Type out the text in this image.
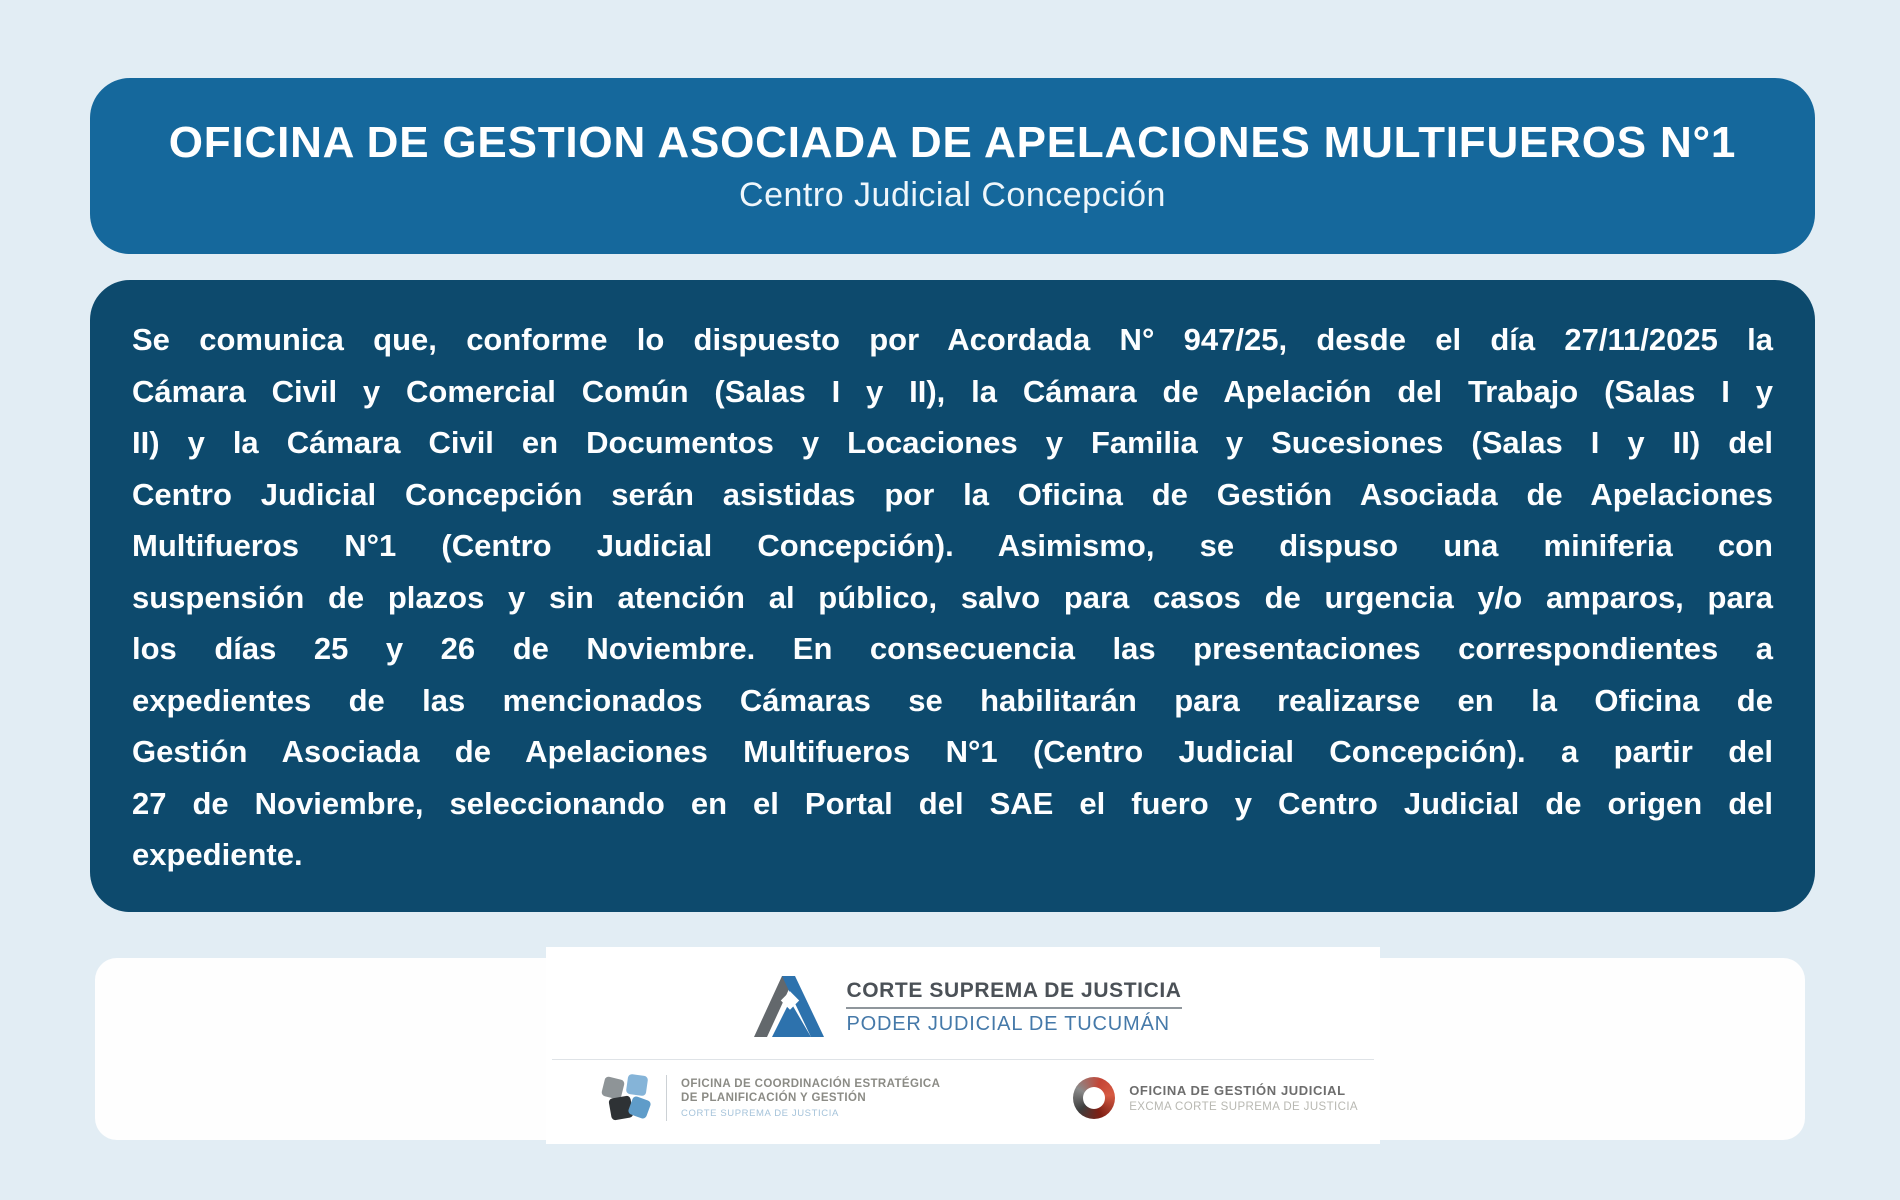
OFICINA DE GESTION ASOCIADA DE APELACIONES MULTIFUEROS N°1
Centro Judicial Concepción
Se comunica que, conforme lo dispuesto por Acordada N° 947/25, desde el día 27/11/2025 la
Cámara Civil y Comercial Común (Salas I y II), la Cámara de Apelación del Trabajo (Salas I y
II) y la Cámara Civil en Documentos y Locaciones y Familia y Sucesiones (Salas I y II) del
Centro Judicial Concepción serán asistidas por la Oficina de Gestión Asociada de Apelaciones
Multifueros N°1 (Centro Judicial Concepción). Asimismo, se dispuso una miniferia con
suspensión de plazos y sin atención al público, salvo para casos de urgencia y/o amparos, para
los días 25 y 26 de Noviembre. En consecuencia las presentaciones correspondientes a
expedientes de las mencionados Cámaras se habilitarán para realizarse en la Oficina de
Gestión Asociada de Apelaciones Multifueros N°1 (Centro Judicial Concepción). a partir del
27 de Noviembre, seleccionando en el Portal del SAE el fuero y Centro Judicial de origen del
expediente.
CORTE SUPREMA DE JUSTICIA
PODER JUDICIAL DE TUCUMÁN
OFICINA DE COORDINACIÓN ESTRATÉGICA
DE PLANIFICACIÓN Y GESTIÓN
CORTE SUPREMA DE JUSTICIA
OFICINA DE GESTIÓN JUDICIAL
EXCMA CORTE SUPREMA DE JUSTICIA
